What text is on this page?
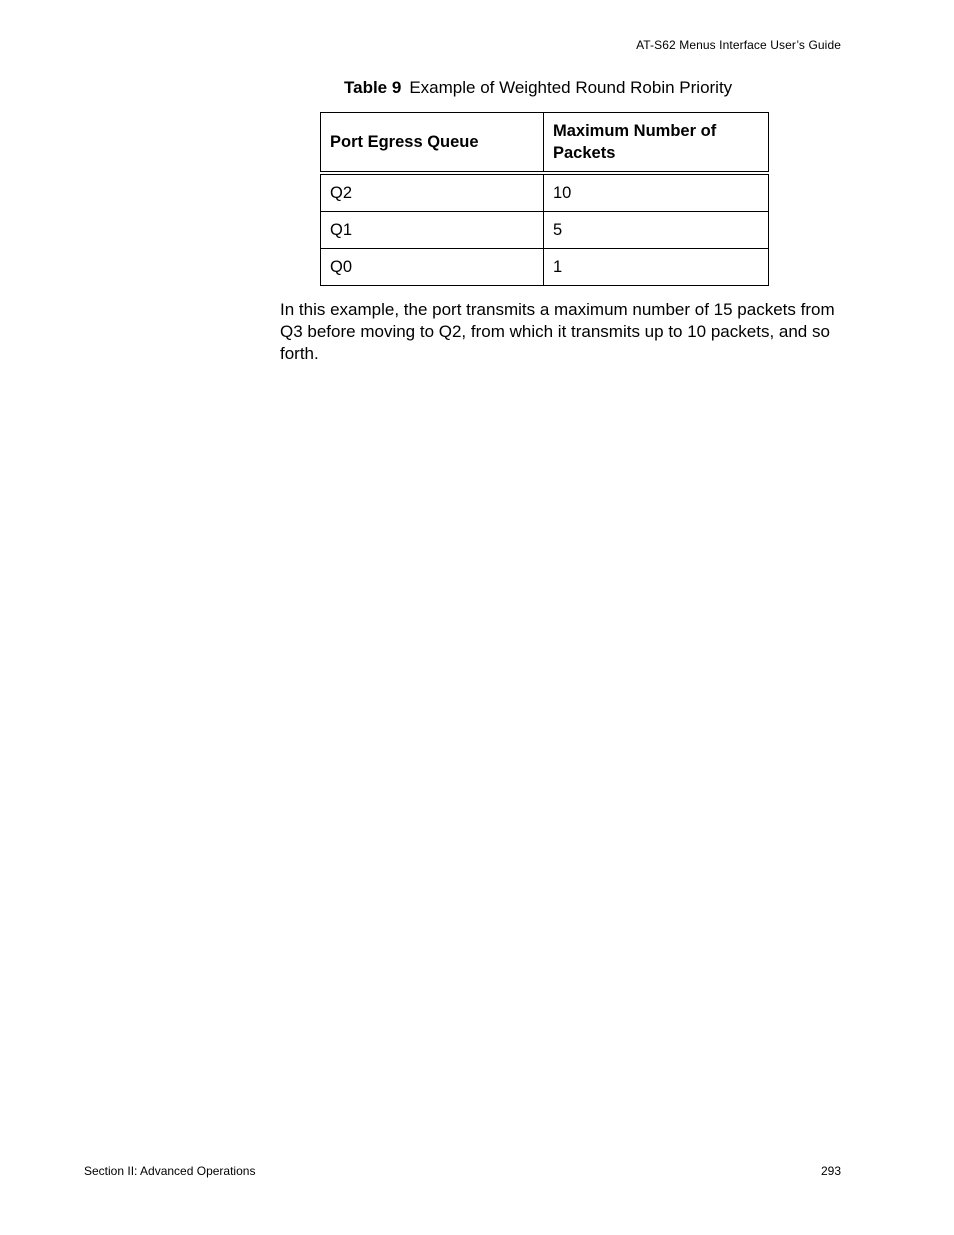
AT-S62 Menus Interface User’s Guide
Table 9 Example of Weighted Round Robin Priority
Port Egress Queue	Maximum Number of Packets
Q2	10
Q1	5
Q0	1

In this example, the port transmits a maximum number of 15 packets from Q3 before moving to Q2, from which it transmits up to 10 packets, and so forth.

Section II: Advanced Operations	293
